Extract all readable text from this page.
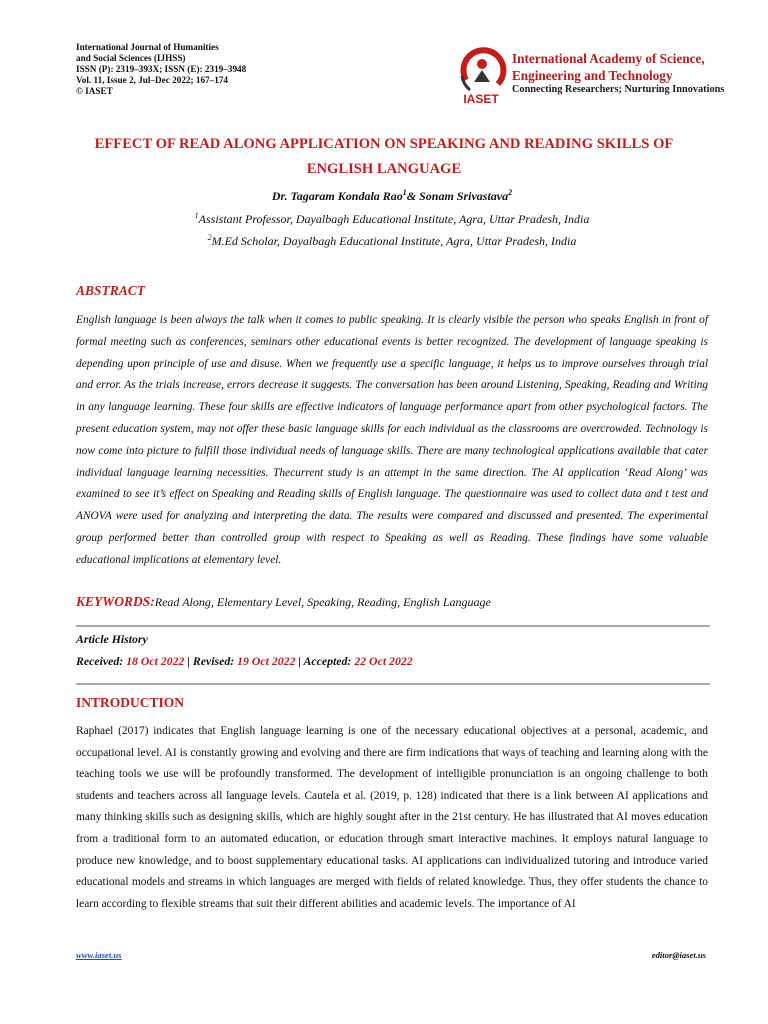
International Journal of Humanities
and Social Sciences (IJHSS)
ISSN (P): 2319–393X; ISSN (E): 2319–3948
Vol. 11, Issue 2, Jul–Dec 2022; 167–174
© IASET
IASET
International Academy of Science,
Engineering and Technology
Connecting Researchers; Nurturing Innovations
EFFECT OF READ ALONG APPLICATION ON SPEAKING AND READING SKILLS OF
ENGLISH LANGUAGE
Dr. Tagaram Kondala Rao$^1$& Sonam Srivastava$^2$
$^1$Assistant Professor, Dayalbagh Educational Institute, Agra, Uttar Pradesh, India
$^2$M.Ed Scholar, Dayalbagh Educational Institute, Agra, Uttar Pradesh, India
ABSTRACT
English language is been always the talk when it comes to public speaking. It is clearly visible the person who speaks English in front of formal meeting such as conferences, seminars other educational events is better recognized. The development of language speaking is depending upon principle of use and disuse. When we frequently use a specific language, it helps us to improve ourselves through trial and error. As the trials increase, errors decrease it suggests. The conversation has been around Listening, Speaking, Reading and Writing in any language learning. These four skills are effective indicators of language performance apart from other psychological factors. The present education system, may not offer these basic language skills for each individual as the classrooms are overcrowded. Technology is now come into picture to fulfill those individual needs of language skills. There are many technological applications available that cater individual language learning necessities. Thecurrent study is an attempt in the same direction. The AI application ‘Read Along’ was examined to see it’s effect on Speaking and Reading skills of English language. The questionnaire was used to collect data and t test and ANOVA were used for analyzing and interpreting the data. The results were compared and discussed and presented. The experimental group performed better than controlled group with respect to Speaking as well as Reading. These findings have some valuable educational implications at elementary level.
KEYWORDS:Read Along, Elementary Level, Speaking, Reading, English Language
Article History
Received: 18 Oct 2022 | Revised: 19 Oct 2022 | Accepted: 22 Oct 2022
INTRODUCTION
Raphael (2017) indicates that English language learning is one of the necessary educational objectives at a personal, academic, and occupational level. AI is constantly growing and evolving and there are firm indications that ways of teaching and learning along with the teaching tools we use will be profoundly transformed. The development of intelligible pronunciation is an ongoing challenge to both students and teachers across all language levels. Cautela et al. (2019, p. 128) indicated that there is a link between AI applications and many thinking skills such as designing skills, which are highly sought after in the 21st century. He has illustrated that AI moves education from a traditional form to an automated education, or education through smart interactive machines. It employs natural language to produce new knowledge, and to boost supplementary educational tasks. AI applications can individualized tutoring and introduce varied educational models and streams in which languages are merged with fields of related knowledge. Thus, they offer students the chance to learn according to flexible streams that suit their different abilities and academic levels. The importance of AI
www.iaset.us	editor@iaset.us
